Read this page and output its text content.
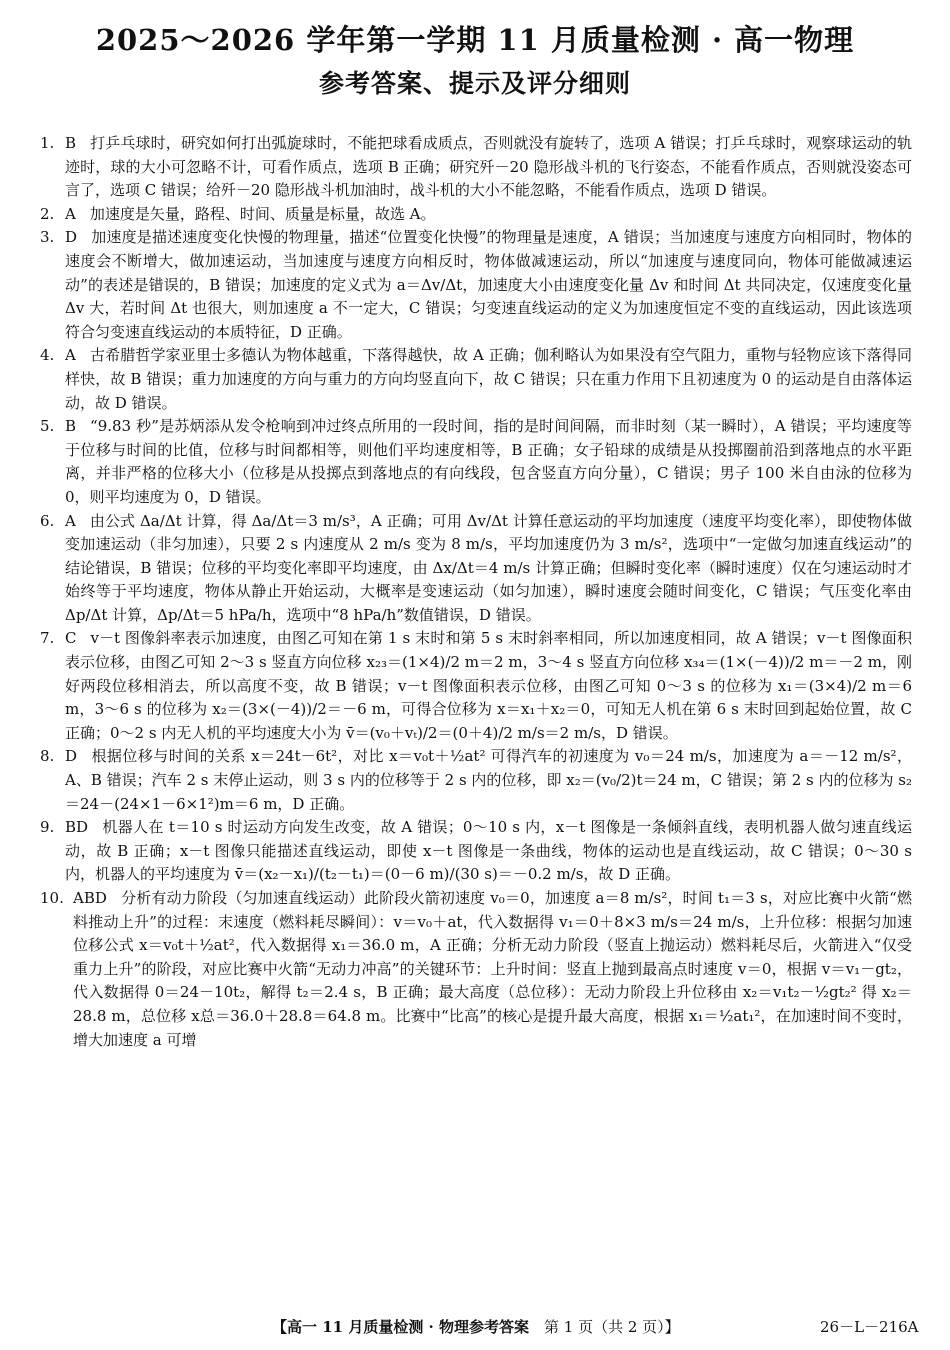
2025～2026 学年第一学期 11 月质量检测 · 高一物理
参考答案、提示及评分细则

1. B 打乒乓球时，研究如何打出弧旋球时，不能把球看成质点，否则就没有旋转了，选项 A 错误；打乒乓球时，观察球运动的轨迹时，球的大小可忽略不计，可看作质点，选项 B 正确；研究歼－20 隐形战斗机的飞行姿态，不能看作质点，否则就没姿态可言了，选项 C 错误；给歼－20 隐形战斗机加油时，战斗机的大小不能忽略，不能看作质点，选项 D 错误。

2. A 加速度是矢量，路程、时间、质量是标量，故选 A。

3. D 加速度是描述速度变化快慢的物理量，描述“位置变化快慢”的物理量是速度，A 错误；当加速度与速度方向相同时，物体的速度会不断增大，做加速运动，当加速度与速度方向相反时，物体做减速运动，所以“加速度与速度同向，物体可能做减速运动”的表述是错误的，B 错误；加速度的定义式为 a＝Δv/Δt，加速度大小由速度变化量 Δv 和时间 Δt 共同决定，仅速度变化量 Δv 大，若时间 Δt 也很大，则加速度 a 不一定大，C 错误；匀变速直线运动的定义为加速度恒定不变的直线运动，因此该选项符合匀变速直线运动的本质特征，D 正确。

4. A 古希腊哲学家亚里士多德认为物体越重，下落得越快，故 A 正确；伽利略认为如果没有空气阻力，重物与轻物应该下落得同样快，故 B 错误；重力加速度的方向与重力的方向均竖直向下，故 C 错误；只在重力作用下且初速度为 0 的运动是自由落体运动，故 D 错误。

5. B “9.83 秒”是苏炳添从发令枪响到冲过终点所用的一段时间，指的是时间间隔，而非时刻（某一瞬时），A 错误；平均速度等于位移与时间的比值，位移与时间都相等，则他们平均速度相等，B 正确；女子铅球的成绩是从投掷圈前沿到落地点的水平距离，并非严格的位移大小（位移是从投掷点到落地点的有向线段，包含竖直方向分量），C 错误；男子 100 米自由泳的位移为 0，则平均速度为 0，D 错误。

6. A 由公式 Δa/Δt 计算，得 Δa/Δt＝3 m/s³，A 正确；可用 Δv/Δt 计算任意运动的平均加速度（速度平均变化率），即使物体做变加速运动（非匀加速），只要 2 s 内速度从 2 m/s 变为 8 m/s，平均加速度仍为 3 m/s²，选项中“一定做匀加速直线运动”的结论错误，B 错误；位移的平均变化率即平均速度，由 Δx/Δt＝4 m/s 计算正确；但瞬时变化率（瞬时速度）仅在匀速运动时才始终等于平均速度，物体从静止开始运动，大概率是变速运动（如匀加速），瞬时速度会随时间变化，C 错误；气压变化率由 Δp/Δt 计算，Δp/Δt＝5 hPa/h，选项中“8 hPa/h”数值错误，D 错误。

7. C v－t 图像斜率表示加速度，由图乙可知在第 1 s 末时和第 5 s 末时斜率相同，所以加速度相同，故 A 错误；v－t 图像面积表示位移，由图乙可知 2～3 s 竖直方向位移 x₂₃＝(1×4)/2 m＝2 m，3～4 s 竖直方向位移 x₃₄＝(1×(－4))/2 m＝－2 m，刚好两段位移相消去，所以高度不变，故 B 错误；v－t 图像面积表示位移，由图乙可知 0～3 s 的位移为 x₁＝(3×4)/2 m＝6 m，3～6 s 的位移为 x₂＝(3×(－4))/2＝－6 m，可得合位移为 x＝x₁＋x₂＝0，可知无人机在第 6 s 末时回到起始位置，故 C 正确；0～2 s 内无人机的平均速度大小为 v̄＝(v₀＋vₜ)/2＝(0＋4)/2 m/s＝2 m/s，D 错误。

8. D 根据位移与时间的关系 x＝24t－6t²，对比 x＝v₀t＋½at² 可得汽车的初速度为 v₀＝24 m/s，加速度为 a＝－12 m/s²，A、B 错误；汽车 2 s 末停止运动，则 3 s 内的位移等于 2 s 内的位移，即 x₂＝(v₀/2)t＝24 m，C 错误；第 2 s 内的位移为 s₂＝24－(24×1－6×1²)m＝6 m，D 正确。

9. BD 机器人在 t＝10 s 时运动方向发生改变，故 A 错误；0～10 s 内，x－t 图像是一条倾斜直线，表明机器人做匀速直线运动，故 B 正确；x－t 图像只能描述直线运动，即使 x－t 图像是一条曲线，物体的运动也是直线运动，故 C 错误；0～30 s 内，机器人的平均速度为 v̄＝(x₂－x₁)/(t₂－t₁)＝(0－6 m)/(30 s)＝－0.2 m/s，故 D 正确。

10. ABD 分析有动力阶段（匀加速直线运动）此阶段火箭初速度 v₀＝0，加速度 a＝8 m/s²，时间 t₁＝3 s，对应比赛中火箭“燃料推动上升”的过程：末速度（燃料耗尽瞬间）：v＝v₀＋at，代入数据得 v₁＝0＋8×3 m/s＝24 m/s，上升位移：根据匀加速位移公式 x＝v₀t＋½at²，代入数据得 x₁＝36.0 m，A 正确；分析无动力阶段（竖直上抛运动）燃料耗尽后，火箭进入“仅受重力上升”的阶段，对应比赛中火箭“无动力冲高”的关键环节：上升时间：竖直上抛到最高点时速度 v＝0，根据 v＝v₁－gt₂，代入数据得 0＝24－10t₂，解得 t₂＝2.4 s，B 正确；最大高度（总位移）：无动力阶段上升位移由 x₂＝v₁t₂－½gt₂² 得 x₂＝28.8 m，总位移 x总＝36.0＋28.8＝64.8 m。比赛中“比高”的核心是提升最大高度，根据 x₁＝½at₁²，在加速时间不变时，增大加速度 a 可增

【高一 11 月质量检测 · 物理参考答案　 第 1 页（共 2 页）】	26－L－216A
